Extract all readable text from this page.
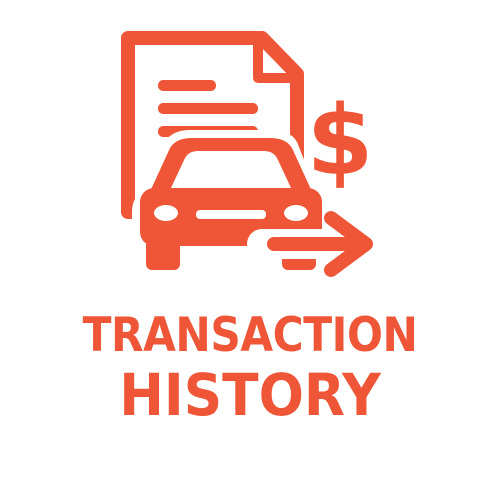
$
TRANSACTION
HISTORY
